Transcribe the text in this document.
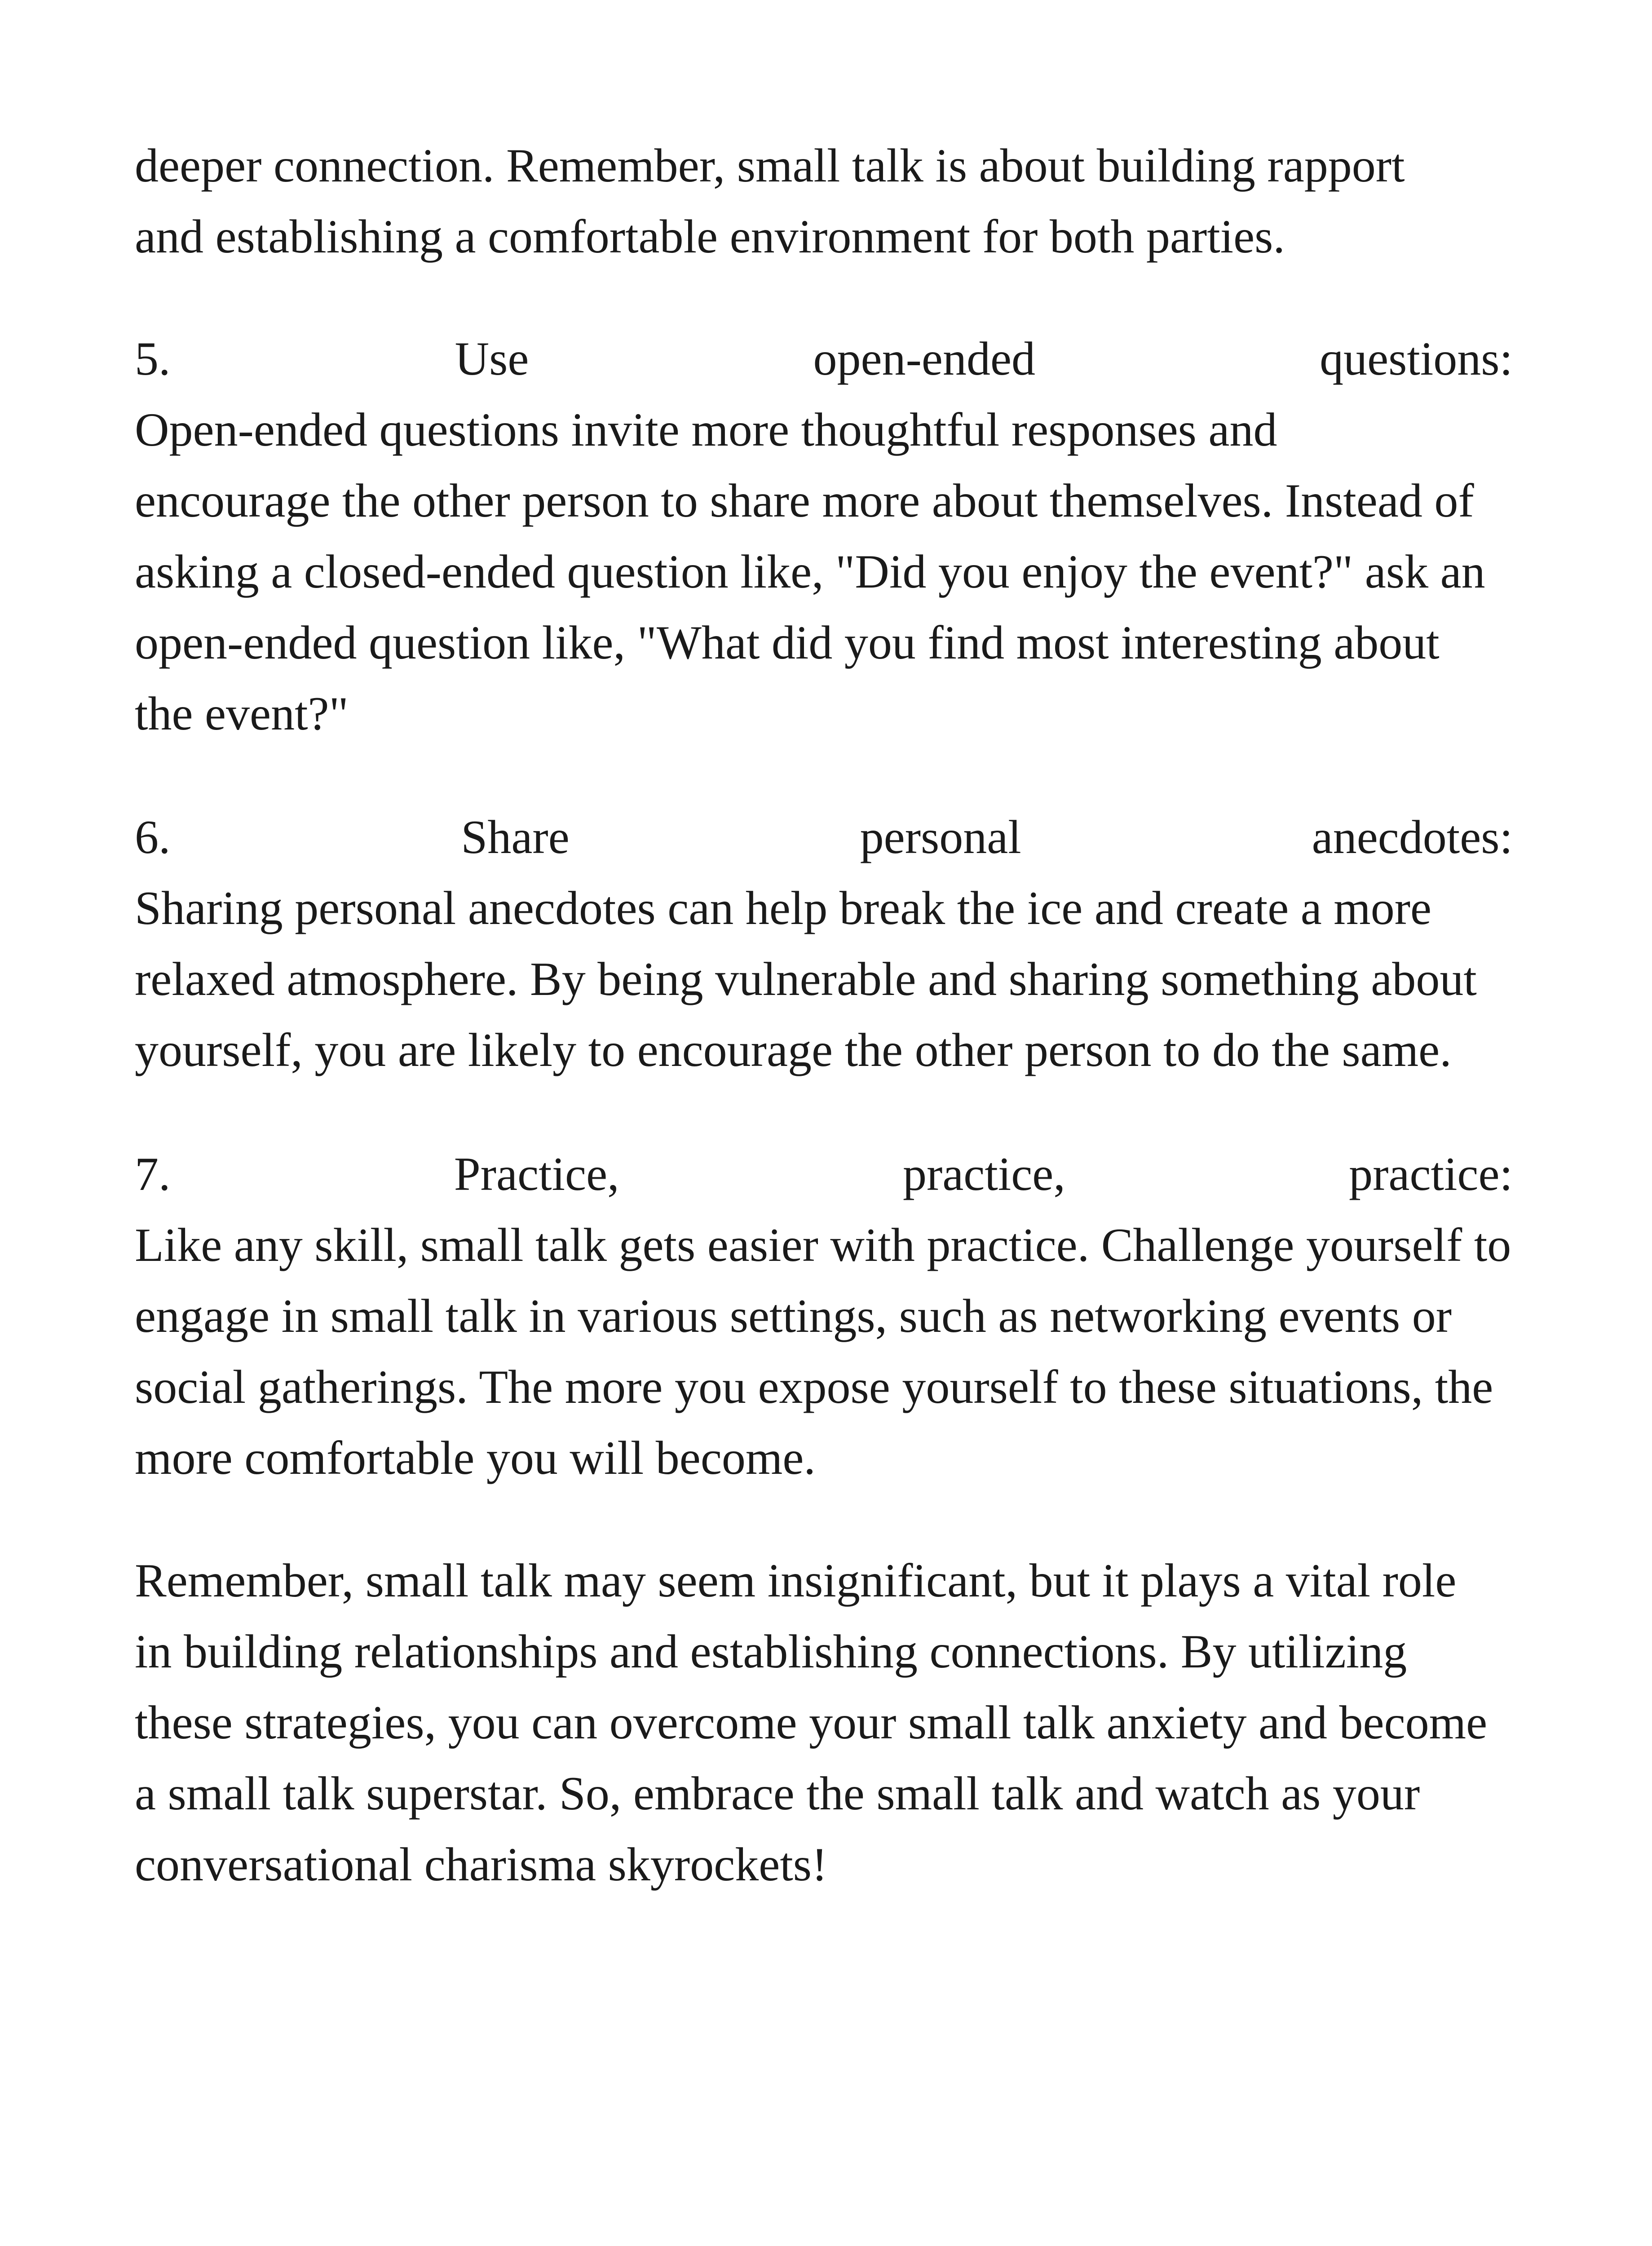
deeper connection. Remember, small talk is about building rapport
and establishing a comfortable environment for both parties.

5.	Use	open-ended	questions:
Open-ended questions invite more thoughtful responses and
encourage the other person to share more about themselves. Instead of
asking a closed-ended question like, "Did you enjoy the event?" ask an
open-ended question like, "What did you find most interesting about
the event?"
6.	Share	personal	anecdotes:
Sharing personal anecdotes can help break the ice and create a more
relaxed atmosphere. By being vulnerable and sharing something about
yourself, you are likely to encourage the other person to do the same.
7.	Practice,	practice,	practice:
Like any skill, small talk gets easier with practice. Challenge yourself to
engage in small talk in various settings, such as networking events or
social gatherings. The more you expose yourself to these situations, the
more comfortable you will become.

Remember, small talk may seem insignificant, but it plays a vital role
in building relationships and establishing connections. By utilizing
these strategies, you can overcome your small talk anxiety and become
a small talk superstar. So, embrace the small talk and watch as your
conversational charisma skyrockets!
